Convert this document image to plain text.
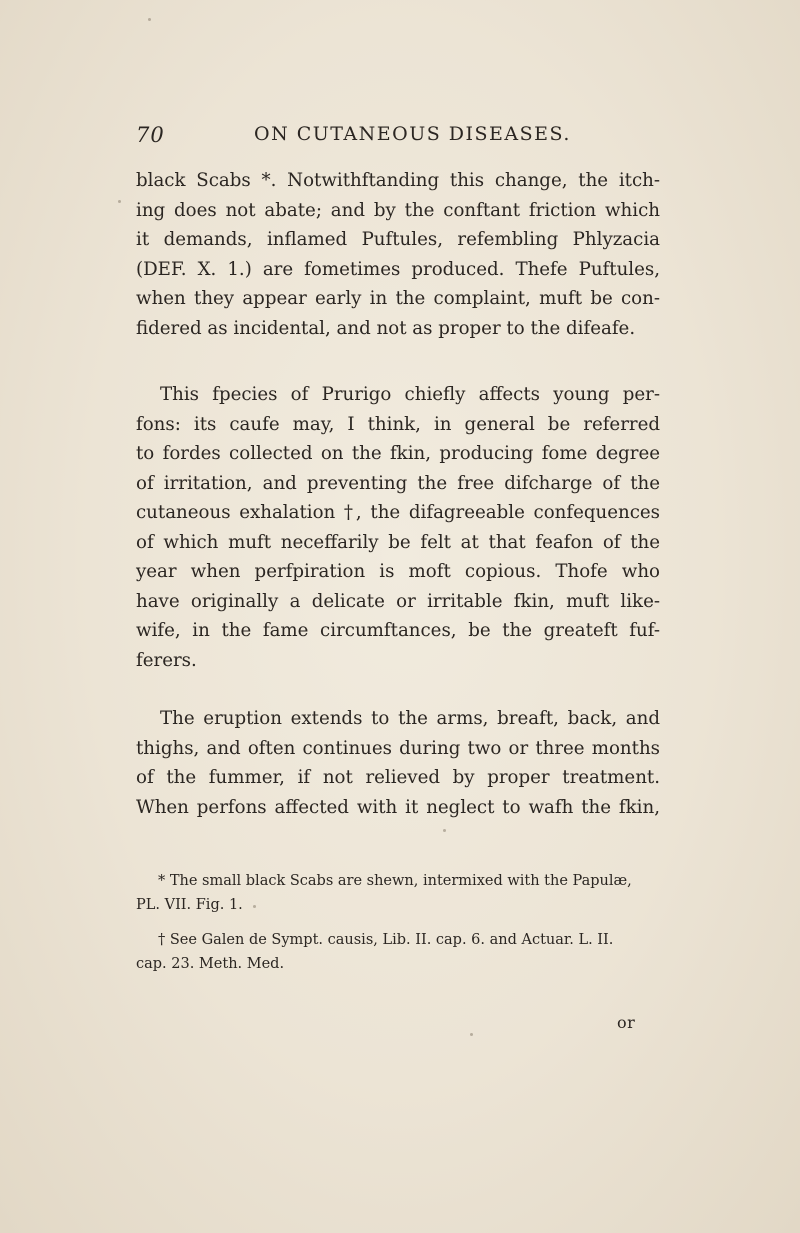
70	ON CUTANEOUS DISEASES.
black Scabs *. Notwithftanding this change, the itch-
ing does not abate; and by the conftant friction which
it demands, inflamed Puftules, refembling Phlyzacia
(DEF. X. 1.) are fometimes produced. Thefe Puftules,
when they appear early in the complaint, muft be con-
fidered as incidental, and not as proper to the difeafe.
This fpecies of Prurigo chiefly affects young per-
fons: its caufe may, I think, in general be referred
to fordes collected on the fkin, producing fome degree
of irritation, and preventing the free difcharge of the
cutaneous exhalation †, the difagreeable confequences
of which muft neceffarily be felt at that feafon of the
year when perfpiration is moft copious. Thofe who
have originally a delicate or irritable fkin, muft like-
wife, in the fame circumftances, be the greateft fuf-
ferers.
The eruption extends to the arms, breaft, back, and
thighs, and often continues during two or three months
of the fummer, if not relieved by proper treatment.
When perfons affected with it neglect to wafh the fkin,
* The small black Scabs are shewn, intermixed with the Papulæ,
PL. VII. Fig. 1.
† See Galen de Sympt. causis, Lib. II. cap. 6. and Actuar. L. II.
cap. 23. Meth. Med.
or
